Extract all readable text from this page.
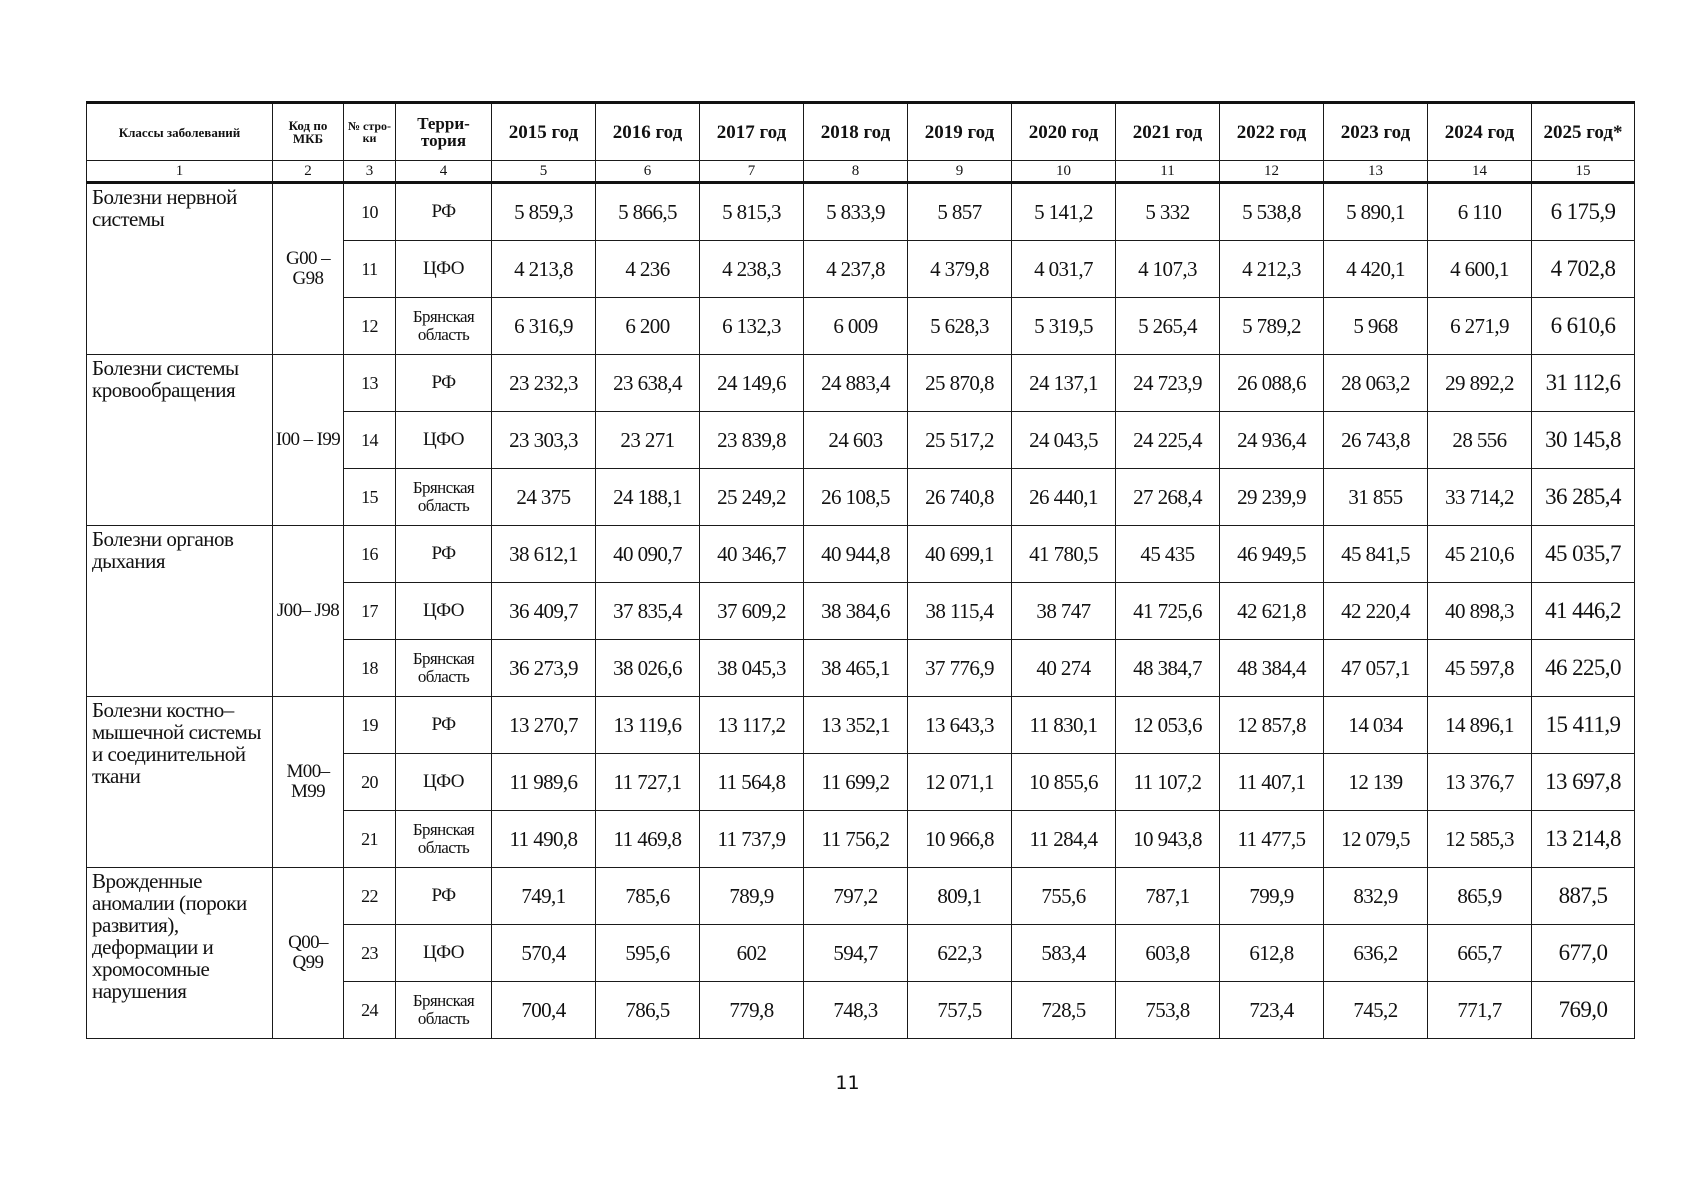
Классы заболеваний	Код по МКБ	№ стро-ки	Терри-тория	2015 год	2016 год	2017 год	2018 год	2019 год	2020 год	2021 год	2022 год	2023 год	2024 год	2025 год*
1	2	3	4	5	6	7	8	9	10	11	12	13	14	15
Болезни нервной системы	G00 – G98	10	РФ	5 859,3	5 866,5	5 815,3	5 833,9	5 857	5 141,2	5 332	5 538,8	5 890,1	6 110	6 175,9
		11	ЦФО	4 213,8	4 236	4 238,3	4 237,8	4 379,8	4 031,7	4 107,3	4 212,3	4 420,1	4 600,1	4 702,8
		12	Брянская область	6 316,9	6 200	6 132,3	6 009	5 628,3	5 319,5	5 265,4	5 789,2	5 968	6 271,9	6 610,6
Болезни системы кровообращения	I00 – I99	13	РФ	23 232,3	23 638,4	24 149,6	24 883,4	25 870,8	24 137,1	24 723,9	26 088,6	28 063,2	29 892,2	31 112,6
		14	ЦФО	23 303,3	23 271	23 839,8	24 603	25 517,2	24 043,5	24 225,4	24 936,4	26 743,8	28 556	30 145,8
		15	Брянская область	24 375	24 188,1	25 249,2	26 108,5	26 740,8	26 440,1	27 268,4	29 239,9	31 855	33 714,2	36 285,4
Болезни органов дыхания	J00– J98	16	РФ	38 612,1	40 090,7	40 346,7	40 944,8	40 699,1	41 780,5	45 435	46 949,5	45 841,5	45 210,6	45 035,7
		17	ЦФО	36 409,7	37 835,4	37 609,2	38 384,6	38 115,4	38 747	41 725,6	42 621,8	42 220,4	40 898,3	41 446,2
		18	Брянская область	36 273,9	38 026,6	38 045,3	38 465,1	37 776,9	40 274	48 384,7	48 384,4	47 057,1	45 597,8	46 225,0
Болезни костно–мышечной системы и соединительной ткани	M00– M99	19	РФ	13 270,7	13 119,6	13 117,2	13 352,1	13 643,3	11 830,1	12 053,6	12 857,8	14 034	14 896,1	15 411,9
		20	ЦФО	11 989,6	11 727,1	11 564,8	11 699,2	12 071,1	10 855,6	11 107,2	11 407,1	12 139	13 376,7	13 697,8
		21	Брянская область	11 490,8	11 469,8	11 737,9	11 756,2	10 966,8	11 284,4	10 943,8	11 477,5	12 079,5	12 585,3	13 214,8
Врожденные аномалии (пороки развития), деформации и хромосомные нарушения	Q00– Q99	22	РФ	749,1	785,6	789,9	797,2	809,1	755,6	787,1	799,9	832,9	865,9	887,5
		23	ЦФО	570,4	595,6	602	594,7	622,3	583,4	603,8	612,8	636,2	665,7	677,0
		24	Брянская область	700,4	786,5	779,8	748,3	757,5	728,5	753,8	723,4	745,2	771,7	769,0
11
